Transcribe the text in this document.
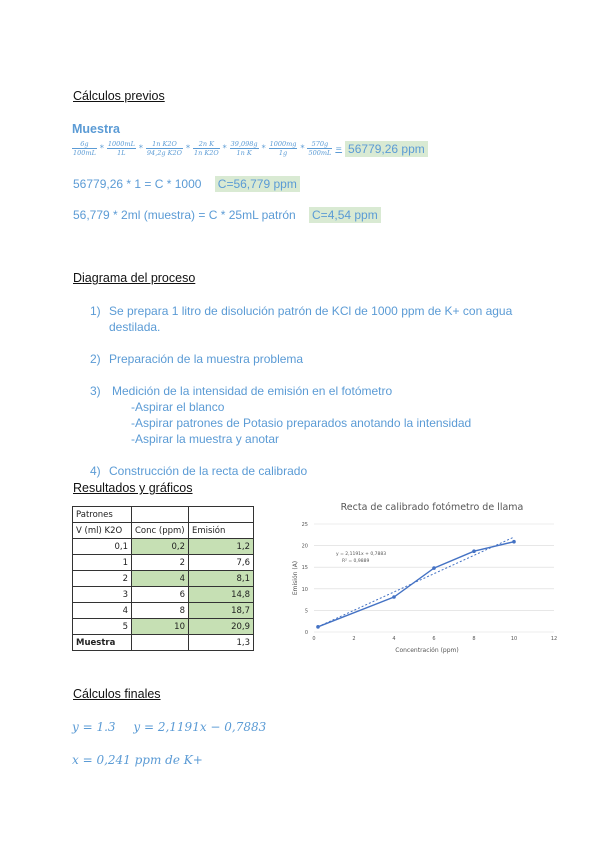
Cálculos previos
Muestra
$\frac{6g}{100mL} * \frac{1000mL}{1L} * \frac{\text{1n K2O}}{\text{94,2g K2O}} * \frac{\text{2n K}}{\text{1n K2O}} * \frac{39,098g}{\text{1n K}} * \frac{1000mg}{1g} * \frac{570g}{500mL} = 56779,26$ ppm
56779,26 * 1 = C * 1000 C=56,779 ppm
56,779 * 2ml (muestra) = C * 25mL patrón C=4,54 ppm
Diagrama del proceso
1) Se prepara 1 litro de disolución patrón de KCl de 1000 ppm de K+ con agua
destilada.
2) Preparación de la muestra problema
3) Medición de la intensidad de emisión en el fotómetro
-Aspirar el blanco
-Aspirar patrones de Potasio preparados anotando la intensidad
-Aspirar la muestra y anotar
4) Construcción de la recta de calibrado
Resultados y gráficos
Patrones		
V (ml) K2O	Conc (ppm)	Emisión
0,1	0,2	1,2
1	2	7,6
2	4	8,1
3	6	14,8
4	8	18,7
5	10	20,9
Muestra		1,3
Recta de calibrado fotómetro de llama
0	2	4	6	8	10	12
0
5
10
15
20
25
y = 2,1191x + 0,7883
R² = 0,9889
Concentración (ppm)
Emisión (A)
Cálculos finales
y = 1.3 y = 2,1191x − 0,7883
x = 0,241 ppm de K+
